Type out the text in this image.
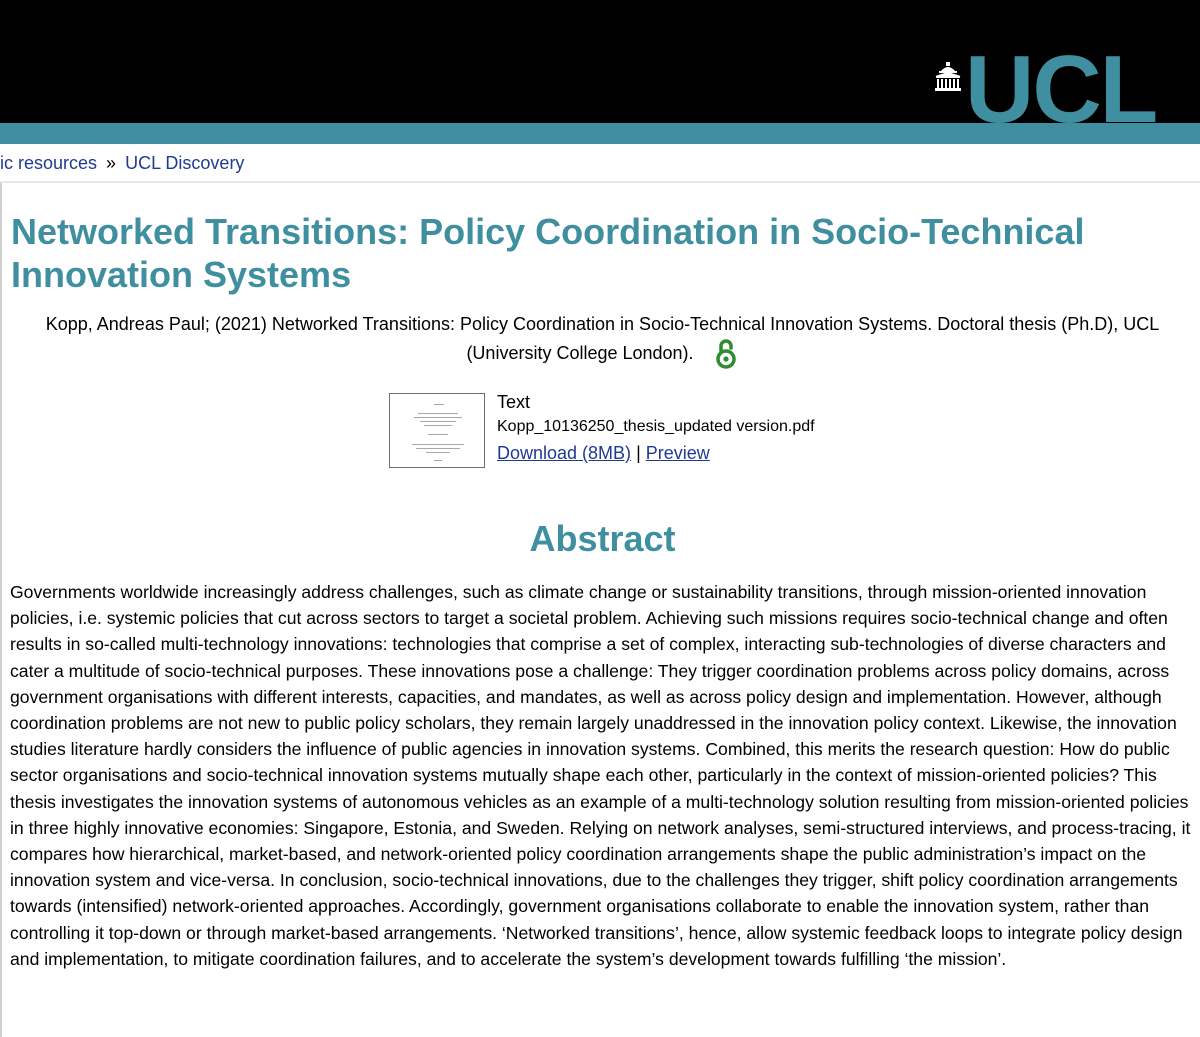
UCL
ic resources » UCL Discovery
Networked Transitions: Policy Coordination in Socio-Technical Innovation Systems
Kopp, Andreas Paul; (2021) Networked Transitions: Policy Coordination in Socio-Technical Innovation Systems. Doctoral thesis (Ph.D), UCL (University College London).
Text
Kopp_10136250_thesis_updated version.pdf
Download (8MB) | Preview
Abstract

Governments worldwide increasingly address challenges, such as climate change or sustainability transitions, through mission-oriented innovation policies, i.e. systemic policies that cut across sectors to target a societal problem. Achieving such missions requires socio-technical change and often results in so-called multi-technology innovations: technologies that comprise a set of complex, interacting sub-technologies of diverse characters and cater a multitude of socio-technical purposes. These innovations pose a challenge: They trigger coordination problems across policy domains, across government organisations with different interests, capacities, and mandates, as well as across policy design and implementation. However, although coordination problems are not new to public policy scholars, they remain largely unaddressed in the innovation policy context. Likewise, the innovation studies literature hardly considers the influence of public agencies in innovation systems. Combined, this merits the research question: How do public sector organisations and socio-technical innovation systems mutually shape each other, particularly in the context of mission-oriented policies? This thesis investigates the innovation systems of autonomous vehicles as an example of a multi-technology solution resulting from mission-oriented policies in three highly innovative economies: Singapore, Estonia, and Sweden. Relying on network analyses, semi-structured interviews, and process-tracing, it compares how hierarchical, market-based, and network-oriented policy coordination arrangements shape the public administration’s impact on the innovation system and vice-versa. In conclusion, socio-technical innovations, due to the challenges they trigger, shift policy coordination arrangements towards (intensified) network-oriented approaches. Accordingly, government organisations collaborate to enable the innovation system, rather than controlling it top-down or through market-based arrangements. ‘Networked transitions’, hence, allow systemic feedback loops to integrate policy design and implementation, to mitigate coordination failures, and to accelerate the system’s development towards fulfilling ‘the mission’.
